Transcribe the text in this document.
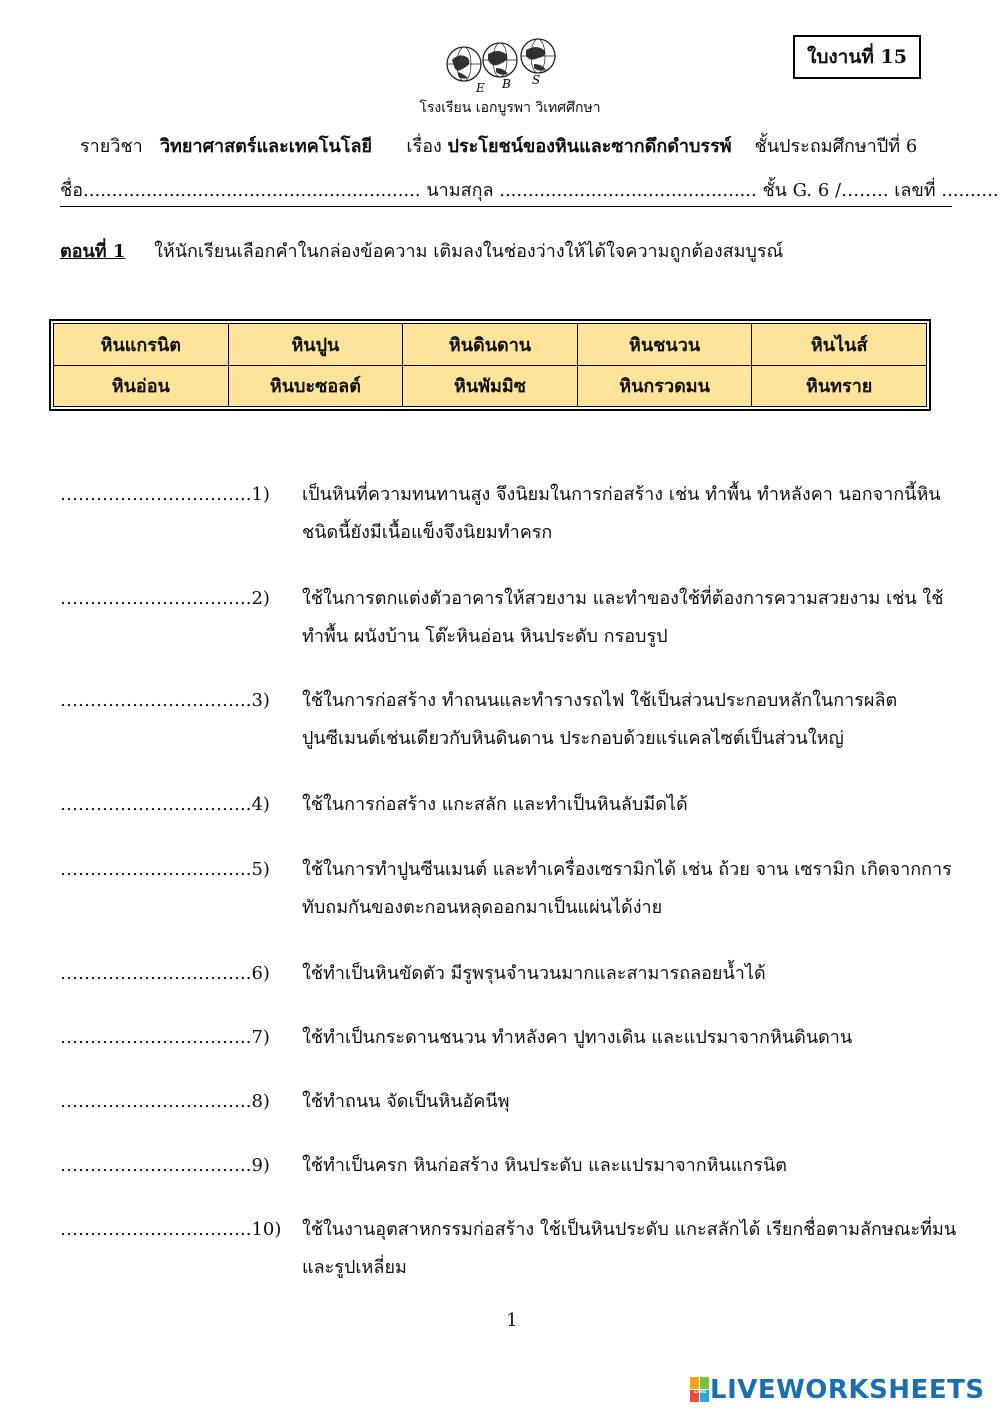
E B S
โรงเรียน เอกบูรพา วิเทศศึกษา
ใบงานที่ 15
รายวิชา วิทยาศาสตร์และเทคโนโลยี เรื่อง ประโยชน์ของหินและซากดึกดำบรรพ์ ชั้นประถมศึกษาปีที่ 6
ชื่อ........................................................... นามสกุล ............................................. ชั้น G. 6 /…….. เลขที่ ..........
ตอนที่ 1 ให้นักเรียนเลือกคำในกล่องข้อความ เติมลงในช่องว่างให้ได้ใจความถูกต้องสมบูรณ์
หินแกรนิต	หินปูน	หินดินดาน	หินชนวน	หินไนส์
หินอ่อน	หินบะซอลต์	หินพัมมิซ	หินกรวดมน	หินทราย
…………………………..1) เป็นหินที่ความทนทานสูง จึงนิยมในการก่อสร้าง เช่น ทำพื้น ทำหลังคา นอกจากนี้หินชนิดนี้ยังมีเนื้อแข็งจึงนิยมทำครก
…………………………..2) ใช้ในการตกแต่งตัวอาคารให้สวยงาม และทำของใช้ที่ต้องการความสวยงาม เช่น ใช้ทำพื้น ผนังบ้าน โต๊ะหินอ่อน หินประดับ กรอบรูป
…………………………..3) ใช้ในการก่อสร้าง ทำถนนและทำรางรถไฟ ใช้เป็นส่วนประกอบหลักในการผลิตปูนซีเมนต์เช่นเดียวกับหินดินดาน ประกอบด้วยแร่แคลไซต์เป็นส่วนใหญ่
…………………………..4) ใช้ในการก่อสร้าง แกะสลัก และทำเป็นหินลับมีดได้
…………………………..5) ใช้ในการทำปูนซีนเมนต์ และทำเครื่องเซรามิกได้ เช่น ถ้วย จาน เซรามิก เกิดจากการทับถมกันของตะกอนหลุดออกมาเป็นแผ่นได้ง่าย
…………………………..6) ใช้ทำเป็นหินขัดตัว มีรูพรุนจำนวนมากและสามารถลอยน้ำได้
…………………………..7) ใช้ทำเป็นกระดานชนวน ทำหลังคา ปูทางเดิน และแปรมาจากหินดินดาน
…………………………..8) ใช้ทำถนน จัดเป็นหินอัคนีพุ
…………………………..9) ใช้ทำเป็นครก หินก่อสร้าง หินประดับ และแปรมาจากหินแกรนิต
…………………………..10) ใช้ในงานอุตสาหกรรมก่อสร้าง ใช้เป็นหินประดับ แกะสลักได้ เรียกชื่อตามลักษณะที่มนและรูปเหลี่ยม
1
LIVE LIVEWORKSHEETS
